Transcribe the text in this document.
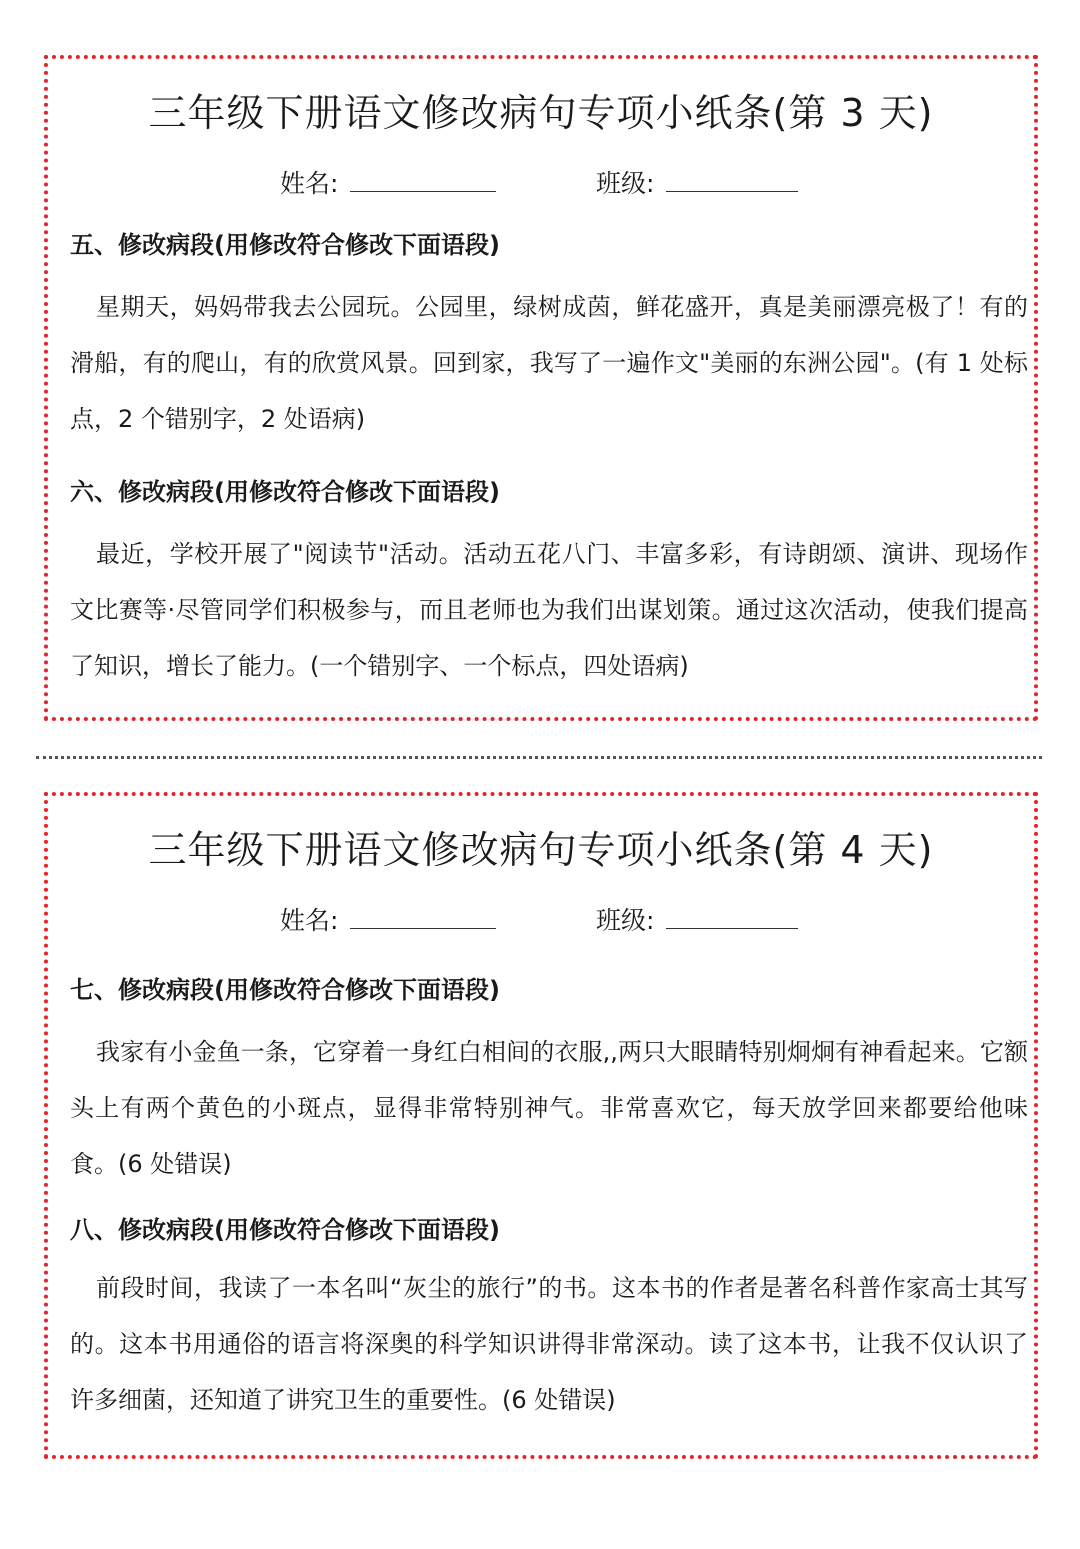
三年级下册语文修改病句专项小纸条(第 3 天)
姓名:	班级:
五、修改病段(用修改符合修改下面语段)
星期天，妈妈带我去公园玩。公园里，绿树成茵，鲜花盛开，真是美丽漂亮极了！有的滑船，有的爬山，有的欣赏风景。回到家，我写了一遍作文"美丽的东洲公园"。(有 1 处标点，2 个错别字，2 处语病)
六、修改病段(用修改符合修改下面语段)
最近，学校开展了"阅读节"活动。活动五花八门、丰富多彩，有诗朗颂、演讲、现场作文比赛等·尽管同学们积极参与，而且老师也为我们出谋划策。通过这次活动，使我们提高了知识，增长了能力。(一个错别字、一个标点，四处语病)
三年级下册语文修改病句专项小纸条(第 4 天)
姓名:	班级:
七、修改病段(用修改符合修改下面语段)
我家有小金鱼一条，它穿着一身红白相间的衣服,,两只大眼睛特别炯炯有神看起来。它额头上有两个黄色的小斑点，显得非常特别神气。非常喜欢它，每天放学回来都要给他味食。(6 处错误)
八、修改病段(用修改符合修改下面语段)
前段时间，我读了一本名叫“灰尘的旅行”的书。这本书的作者是著名科普作家高士其写的。这本书用通俗的语言将深奥的科学知识讲得非常深动。读了这本书，让我不仅认识了许多细菌，还知道了讲究卫生的重要性。(6 处错误)
